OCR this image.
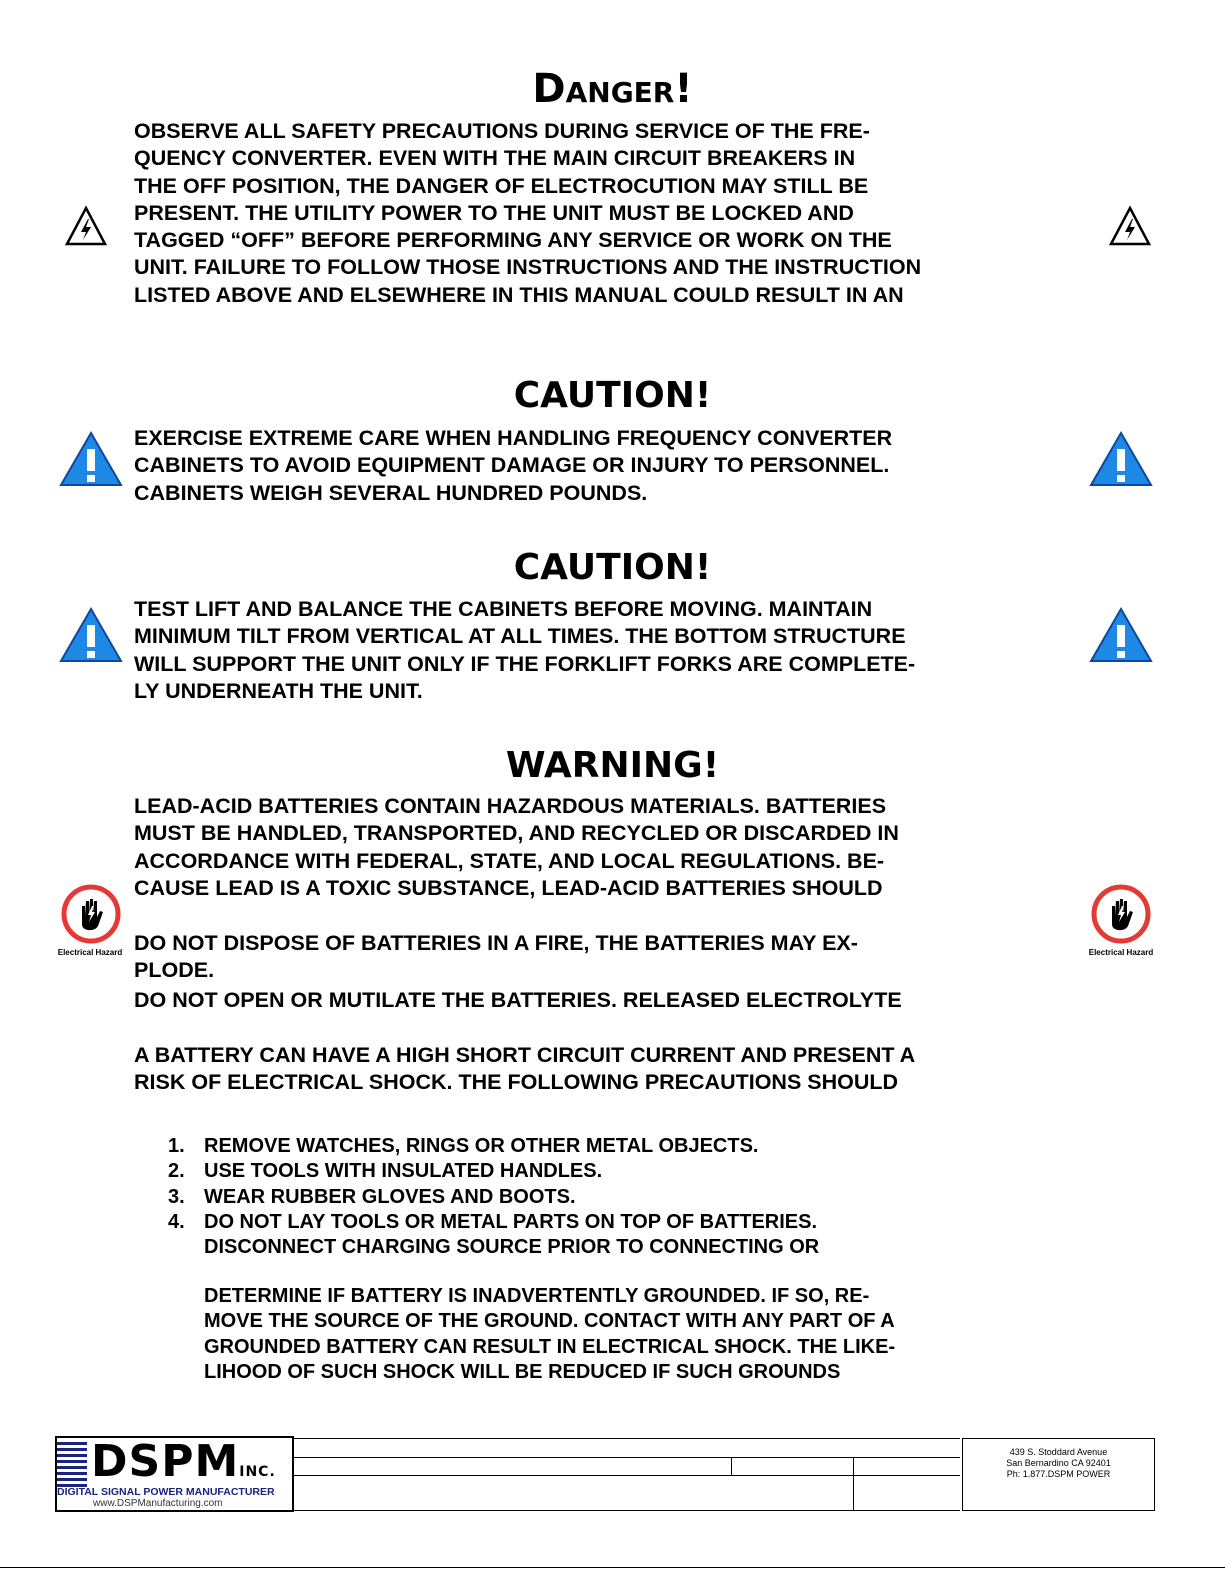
Danger!
OBSERVE ALL SAFETY PRECAUTIONS DURING SERVICE OF THE FRE-
QUENCY CONVERTER. EVEN WITH THE MAIN CIRCUIT BREAKERS IN
THE OFF POSITION, THE DANGER OF ELECTROCUTION MAY STILL BE
PRESENT. THE UTILITY POWER TO THE UNIT MUST BE LOCKED AND
TAGGED “OFF” BEFORE PERFORMING ANY SERVICE OR WORK ON THE
UNIT. FAILURE TO FOLLOW THOSE INSTRUCTIONS AND THE INSTRUCTION
LISTED ABOVE AND ELSEWHERE IN THIS MANUAL COULD RESULT IN AN
CAUTION!
EXERCISE EXTREME CARE WHEN HANDLING FREQUENCY CONVERTER
CABINETS TO AVOID EQUIPMENT DAMAGE OR INJURY TO PERSONNEL.
CABINETS WEIGH SEVERAL HUNDRED POUNDS.
CAUTION!
TEST LIFT AND BALANCE THE CABINETS BEFORE MOVING. MAINTAIN
MINIMUM TILT FROM VERTICAL AT ALL TIMES. THE BOTTOM STRUCTURE
WILL SUPPORT THE UNIT ONLY IF THE FORKLIFT FORKS ARE COMPLETE-
LY UNDERNEATH THE UNIT.
WARNING!
LEAD-ACID BATTERIES CONTAIN HAZARDOUS MATERIALS. BATTERIES
MUST BE HANDLED, TRANSPORTED, AND RECYCLED OR DISCARDED IN
ACCORDANCE WITH FEDERAL, STATE, AND LOCAL REGULATIONS. BE-
CAUSE LEAD IS A TOXIC SUBSTANCE, LEAD-ACID BATTERIES SHOULD
DO NOT DISPOSE OF BATTERIES IN A FIRE, THE BATTERIES MAY EX-
PLODE.
DO NOT OPEN OR MUTILATE THE BATTERIES. RELEASED ELECTROLYTE
A BATTERY CAN HAVE A HIGH SHORT CIRCUIT CURRENT AND PRESENT A
RISK OF ELECTRICAL SHOCK. THE FOLLOWING PRECAUTIONS SHOULD
1. REMOVE WATCHES, RINGS OR OTHER METAL OBJECTS.
2. USE TOOLS WITH INSULATED HANDLES.
3. WEAR RUBBER GLOVES AND BOOTS.
4. DO NOT LAY TOOLS OR METAL PARTS ON TOP OF BATTERIES.
DISCONNECT CHARGING SOURCE PRIOR TO CONNECTING OR
DETERMINE IF BATTERY IS INADVERTENTLY GROUNDED. IF SO, RE-
MOVE THE SOURCE OF THE GROUND. CONTACT WITH ANY PART OF A
GROUNDED BATTERY CAN RESULT IN ELECTRICAL SHOCK. THE LIKE-
LIHOOD OF SUCH SHOCK WILL BE REDUCED IF SUCH GROUNDS
Electrical Hazard	Electrical Hazard
DSPMINC.
DIGITAL SIGNAL POWER MANUFACTURER
www.DSPManufacturing.com
439 S. Stoddard Avenue
San Bernardino CA 92401
Ph: 1.877.DSPM POWER
